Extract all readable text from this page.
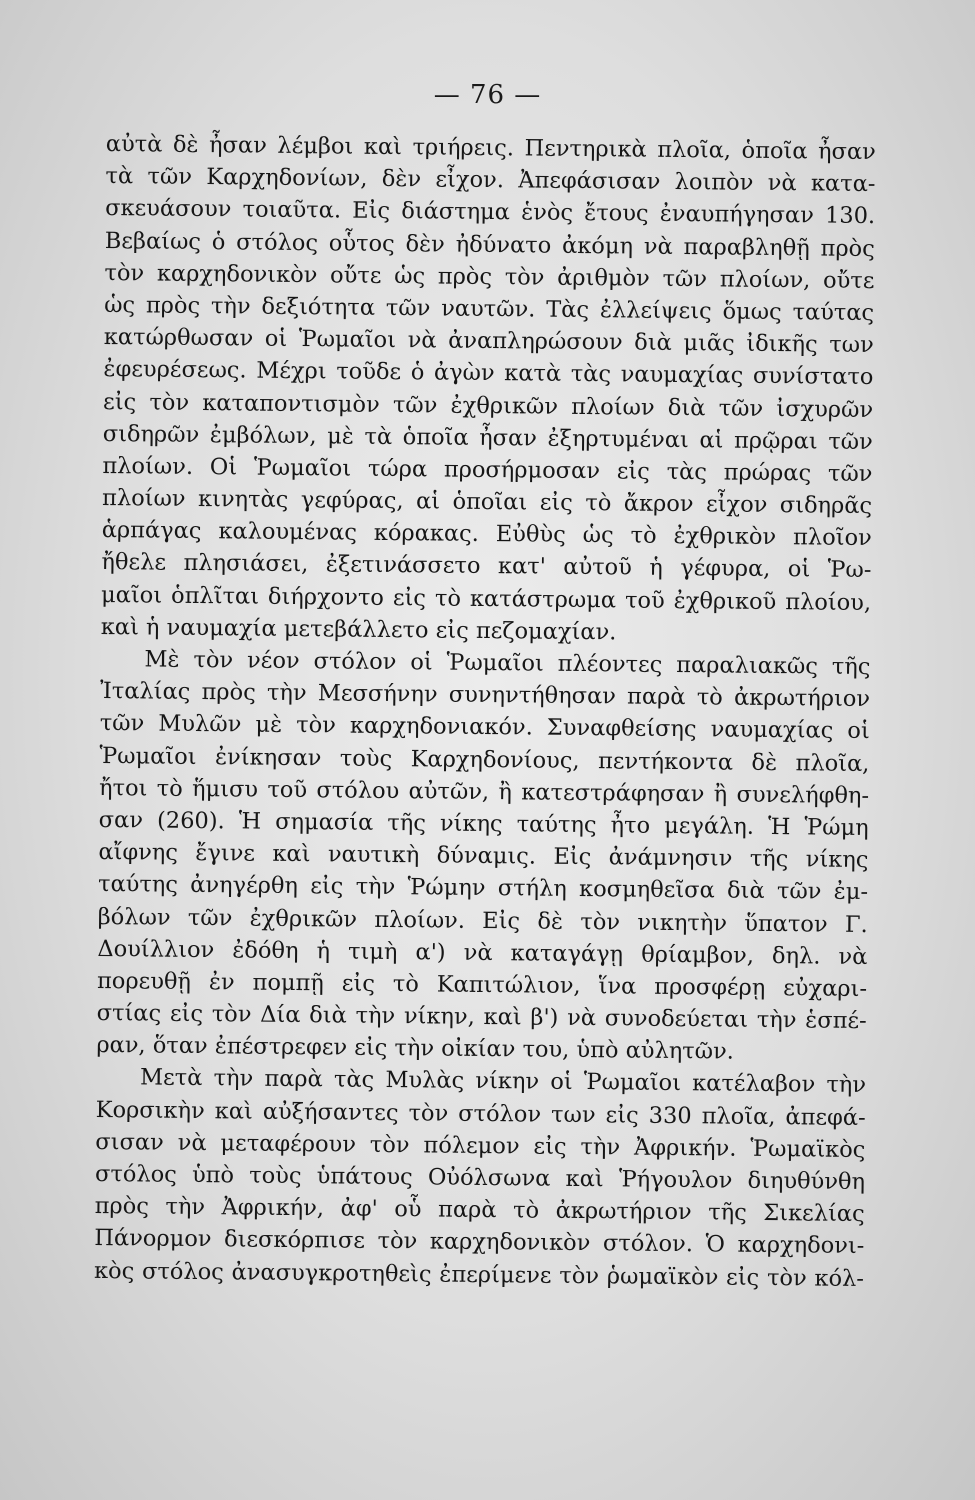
— 76 —
αὐτὰ δὲ ἦσαν λέμβοι καὶ τριήρεις. Πεντηρικὰ πλοῖα, ὁποῖα ἦσαν
τὰ τῶν Καρχηδονίων, δὲν εἶχον. Ἀπεφάσισαν λοιπὸν νὰ κατα-
σκευάσουν τοιαῦτα. Εἰς διάστημα ἑνὸς ἔτους ἐναυπήγησαν 130.
Βεβαίως ὁ στόλος οὗτος δὲν ἠδύνατο ἀκόμη νὰ παραβληθῇ πρὸς
τὸν καρχηδονικὸν οὔτε ὡς πρὸς τὸν ἀριθμὸν τῶν πλοίων, οὔτε
ὡς πρὸς τὴν δεξιότητα τῶν ναυτῶν. Τὰς ἐλλείψεις ὅμως ταύτας
κατώρθωσαν οἱ Ῥωμαῖοι νὰ ἀναπληρώσουν διὰ μιᾶς ἰδικῆς των
ἐφευρέσεως. Μέχρι τοῦδε ὁ ἀγὼν κατὰ τὰς ναυμαχίας συνίστατο
εἰς τὸν καταποντισμὸν τῶν ἐχθρικῶν πλοίων διὰ τῶν ἰσχυρῶν
σιδηρῶν ἐμβόλων, μὲ τὰ ὁποῖα ἦσαν ἐξηρτυμέναι αἱ πρῷραι τῶν
πλοίων. Οἱ Ῥωμαῖοι τώρα προσήρμοσαν εἰς τὰς πρώρας τῶν
πλοίων κινητὰς γεφύρας, αἱ ὁποῖαι εἰς τὸ ἄκρον εἶχον σιδηρᾶς
ἁρπάγας καλουμένας κόρακας. Εὐθὺς ὡς τὸ ἐχθρικὸν πλοῖον
ἤθελε πλησιάσει, ἐξετινάσσετο κατ' αὐτοῦ ἡ γέφυρα, οἱ Ῥω-
μαῖοι ὁπλῖται διήρχοντο εἰς τὸ κατάστρωμα τοῦ ἐχθρικοῦ πλοίου,
καὶ ἡ ναυμαχία μετεβάλλετο εἰς πεζομαχίαν.
Μὲ τὸν νέον στόλον οἱ Ῥωμαῖοι πλέοντες παραλιακῶς τῆς
Ἰταλίας πρὸς τὴν Μεσσήνην συνηντήθησαν παρὰ τὸ ἀκρωτήριον
τῶν Μυλῶν μὲ τὸν καρχηδονιακόν. Συναφθείσης ναυμαχίας οἱ
Ῥωμαῖοι ἐνίκησαν τοὺς Καρχηδονίους, πεντήκοντα δὲ πλοῖα,
ἤτοι τὸ ἥμισυ τοῦ στόλου αὐτῶν, ἢ κατεστράφησαν ἢ συνελήφθη-
σαν (260). Ἡ σημασία τῆς νίκης ταύτης ἦτο μεγάλη. Ἡ Ῥώμη
αἴφνης ἔγινε καὶ ναυτικὴ δύναμις. Εἰς ἀνάμνησιν τῆς νίκης
ταύτης ἀνηγέρθη εἰς τὴν Ῥώμην στήλη κοσμηθεῖσα διὰ τῶν ἐμ-
βόλων τῶν ἐχθρικῶν πλοίων. Εἰς δὲ τὸν νικητὴν ὕπατον Γ.
Δουίλλιον ἐδόθη ἡ τιμὴ α') νὰ καταγάγῃ θρίαμβον, δηλ. νὰ
πορευθῇ ἐν πομπῇ εἰς τὸ Καπιτώλιον, ἵνα προσφέρῃ εὐχαρι-
στίας εἰς τὸν Δία διὰ τὴν νίκην, καὶ β') νὰ συνοδεύεται τὴν ἑσπέ-
ραν, ὅταν ἐπέστρεφεν εἰς τὴν οἰκίαν του, ὑπὸ αὐλητῶν.
Μετὰ τὴν παρὰ τὰς Μυλὰς νίκην οἱ Ῥωμαῖοι κατέλαβον τὴν
Κορσικὴν καὶ αὐξήσαντες τὸν στόλον των εἰς 330 πλοῖα, ἀπεφά-
σισαν νὰ μεταφέρουν τὸν πόλεμον εἰς τὴν Ἀφρικήν. Ῥωμαϊκὸς
στόλος ὑπὸ τοὺς ὑπάτους Οὐόλσωνα καὶ Ῥήγουλον διηυθύνθη
πρὸς τὴν Ἀφρικήν, ἀφ' οὗ παρὰ τὸ ἀκρωτήριον τῆς Σικελίας
Πάνορμον διεσκόρπισε τὸν καρχηδονικὸν στόλον. Ὁ καρχηδονι-
κὸς στόλος ἀνασυγκροτηθεὶς ἐπερίμενε τὸν ῥωμαϊκὸν εἰς τὸν κόλ-
